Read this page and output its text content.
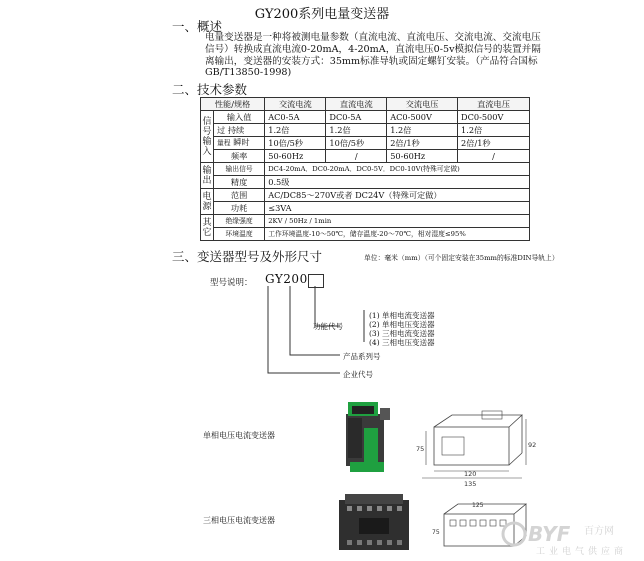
GY200系列电量变送器
一、概述
电量变送器是一种将被测电量参数（直流电流、直流电压、交流电流、交流电压信号）转换成直流电流0-20mA，4-20mA，直流电压0-5v模拟信号的装置并隔离输出，变送器的安装方式：35mm标准导轨或固定螺钉安装。（产品符合国标GB/T13850-1998)
二、技术参数
性能/规格		交流电流	直流电流	交流电压	直流电压
信号输入	输入值	AC0-5A	DC0-5A	AC0-500V	DC0-500V
	过 持续	1.2倍	1.2倍	1.2倍	1.2倍
	量程 瞬时	10倍/5秒	10倍/5秒	2倍/1秒	2倍/1秒
	频率	50-60Hz	/	50-60Hz	/
输出	输出信号	DC4-20mA．DC0-20mA．DC0-5V．DC0-10V(特殊可定做)			
	精度	0.5级			
电源	范围	AC/DC85～270V或者 DC24V（特殊可定做）			
	功耗	≤3VA			
其它	绝缘强度	2KV / 50Hz / 1min			
	环境温度	工作环境温度-10～50℃，储存温度-20～70℃，相对湿度≤95%			
三、变送器型号及外形尺寸	单位：毫米（mm）（可个固定安装在35mm的标准DIN导轨上）
型号说明： GY200
功能代号
(1) 单相电流变送器
(2) 单相电压变送器
(3) 三相电流变送器
(4) 三相电压变送器
产品系列号
企业代号
单相电压电流变送器
92
75
120
135
三相电压电流变送器
125
75	BYF 百方网
工业电气供应商
